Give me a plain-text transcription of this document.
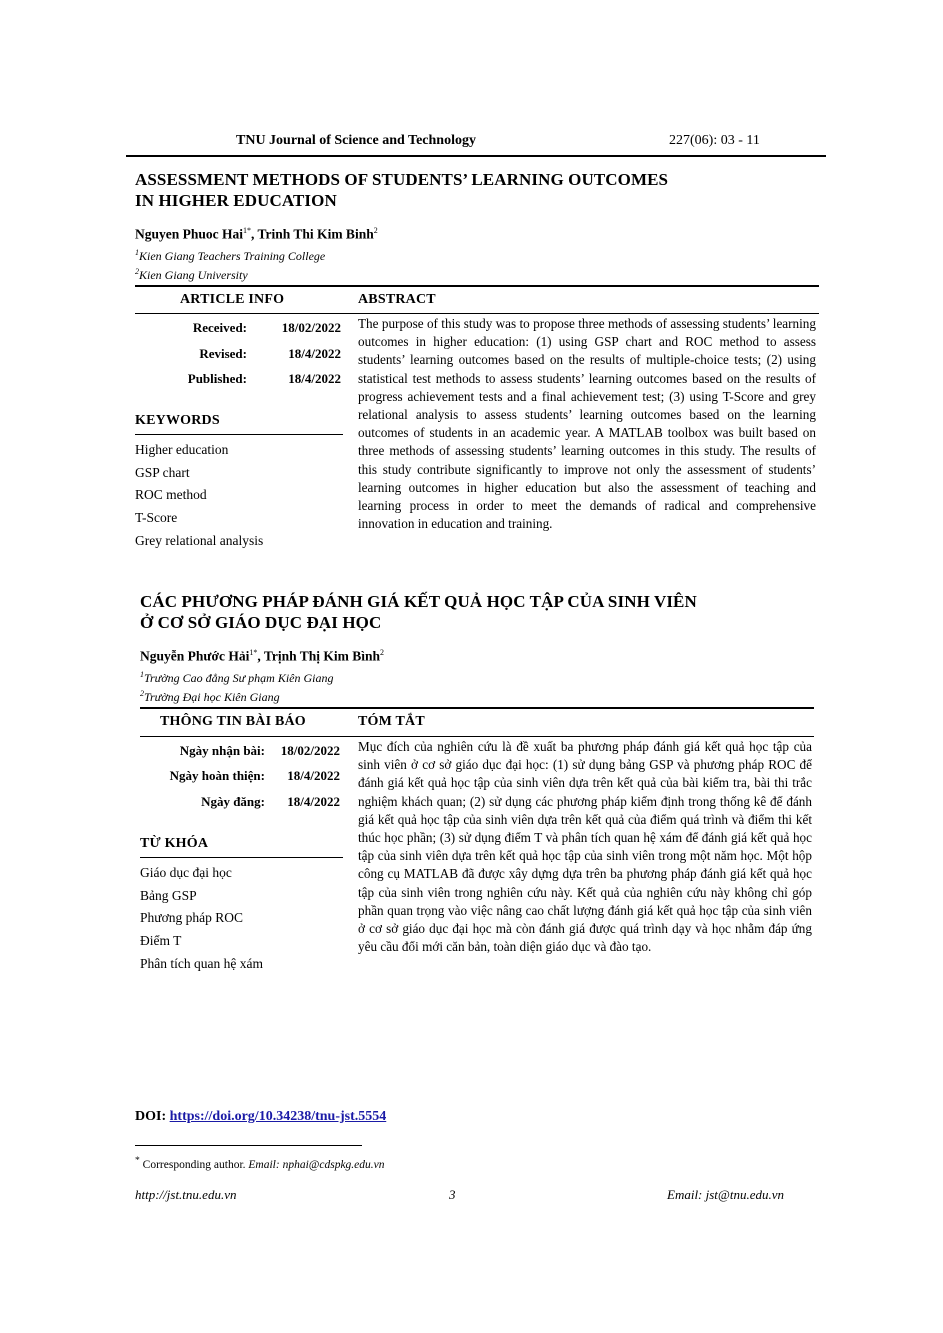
TNU Journal of Science and Technology	227(06): 03 - 11
ASSESSMENT METHODS OF STUDENTS’ LEARNING OUTCOMES
IN HIGHER EDUCATION
Nguyen Phuoc Hai$^{1*}$, Trinh Thi Kim Binh$^2$
$^1$Kien Giang Teachers Training College
$^2$Kien Giang University
ARTICLE INFO	ABSTRACT
Received:	18/02/2022
Revised:	18/4/2022
Published:	18/4/2022
KEYWORDS
Higher education
GSP chart
ROC method
T-Score
Grey relational analysis
The purpose of this study was to propose three methods of assessing students’ learning outcomes in higher education: (1) using GSP chart and ROC method to assess students’ learning outcomes based on the results of multiple-choice tests; (2) using statistical test methods to assess students’ learning outcomes based on the results of progress achievement tests and a final achievement test; (3) using T-Score and grey relational analysis to assess students’ learning outcomes based on the learning outcomes of students in an academic year. A MATLAB toolbox was built based on three methods of assessing students’ learning outcomes in this study. The results of this study contribute significantly to improve not only the assessment of students’ learning outcomes in higher education but also the assessment of teaching and learning process in order to meet the demands of radical and comprehensive innovation in education and training.
CÁC PHƯƠNG PHÁP ĐÁNH GIÁ KẾT QUẢ HỌC TẬP CỦA SINH VIÊN
Ở CƠ SỞ GIÁO DỤC ĐẠI HỌC
Nguyễn Phước Hải$^{1*}$, Trịnh Thị Kim Bình$^2$
$^1$Trường Cao đẳng Sư phạm Kiên Giang
$^2$Trường Đại học Kiên Giang
THÔNG TIN BÀI BÁO	TÓM TẮT
Ngày nhận bài:	18/02/2022
Ngày hoàn thiện:	18/4/2022
Ngày đăng:	18/4/2022
TỪ KHÓA
Giáo dục đại học
Bảng GSP
Phương pháp ROC
Điểm T
Phân tích quan hệ xám
Mục đích của nghiên cứu là đề xuất ba phương pháp đánh giá kết quả học tập của sinh viên ở cơ sở giáo dục đại học: (1) sử dụng bảng GSP và phương pháp ROC để đánh giá kết quả học tập của sinh viên dựa trên kết quả của bài kiểm tra, bài thi trắc nghiệm khách quan; (2) sử dụng các phương pháp kiểm định trong thống kê để đánh giá kết quả học tập của sinh viên dựa trên kết quả của điểm quá trình và điểm thi kết thúc học phần; (3) sử dụng điểm T và phân tích quan hệ xám để đánh giá kết quả học tập của sinh viên dựa trên kết quả học tập của sinh viên trong một năm học. Một hộp công cụ MATLAB đã được xây dựng dựa trên ba phương pháp đánh giá kết quả học tập của sinh viên trong nghiên cứu này. Kết quả của nghiên cứu này không chỉ góp phần quan trọng vào việc nâng cao chất lượng đánh giá kết quả học tập của sinh viên ở cơ sở giáo dục đại học mà còn đánh giá được quá trình dạy và học nhằm đáp ứng yêu cầu đổi mới căn bản, toàn diện giáo dục và đào tạo.
DOI: https://doi.org/10.34238/tnu-jst.5554
* Corresponding author. Email: nphai@cdspkg.edu.vn
http://jst.tnu.edu.vn	3	Email: jst@tnu.edu.vn
